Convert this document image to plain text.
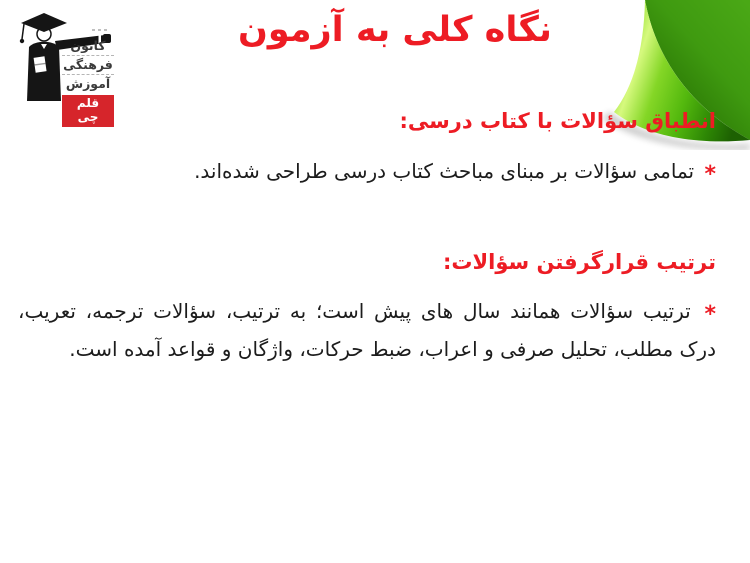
کانون
فرهنگی
آموزش
قلم چی
نگاه کلی به آزمون
انطباق سؤالات با کتاب درسی:

* تمامی سؤالات بر مبنای مباحث کتاب درسی طراحی شده‌اند.

ترتیب قرارگرفتن سؤالات:

* ترتیب سؤالات همانند سال های پیش است؛ به ترتیب، سؤالات ترجمه، تعریب، درک مطلب، تحلیل صرفی و اعراب، ضبط حرکات، واژگان و قواعد آمده است.
